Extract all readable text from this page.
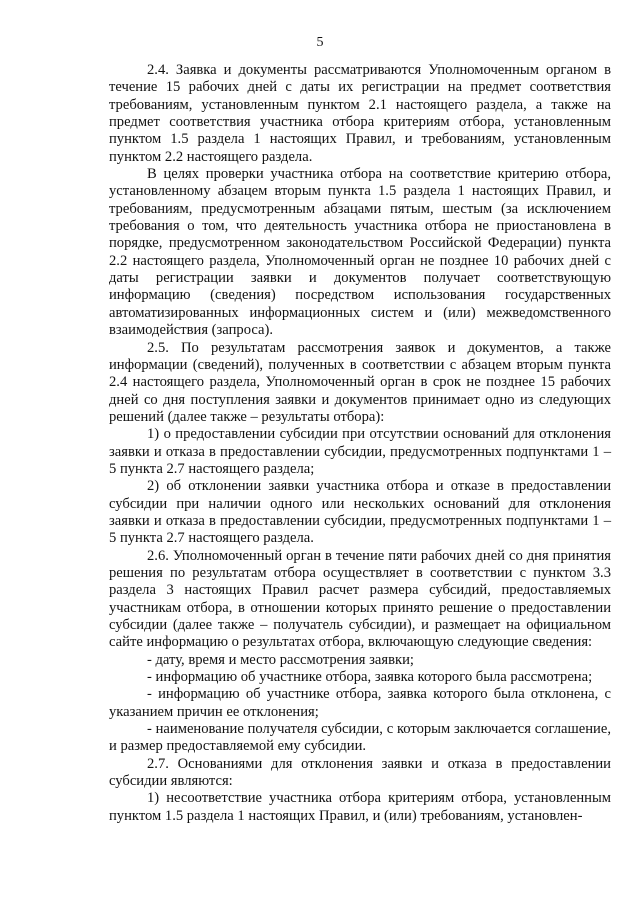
5

2.4. Заявка и документы рассматриваются Уполномоченным органом в течение 15 рабочих дней с даты их регистрации на предмет соответствия требованиям, установленным пунктом 2.1 настоящего раздела, а также на предмет соответствия участника отбора критериям отбора, установленным пунктом 1.5 раздела 1 настоящих Правил, и требованиям, установленным пунктом 2.2 настоящего раздела.

В целях проверки участника отбора на соответствие критерию отбора, установленному абзацем вторым пункта 1.5 раздела 1 настоящих Правил, и требованиям, предусмотренным абзацами пятым, шестым (за исключением требования о том, что деятельность участника отбора не приостановлена в порядке, предусмотренном законодательством Российской Федерации) пункта 2.2 настоящего раздела, Уполномоченный орган не позднее 10 рабочих дней с даты регистрации заявки и документов получает соответствующую информацию (сведения) посредством использования государственных автоматизированных информационных систем и (или) межведомственного взаимодействия (запроса).

2.5. По результатам рассмотрения заявок и документов, а также информации (сведений), полученных в соответствии с абзацем вторым пункта 2.4 настоящего раздела, Уполномоченный орган в срок не позднее 15 рабочих дней со дня поступления заявки и документов принимает одно из следующих решений (далее также – результаты отбора):

1) о предоставлении субсидии при отсутствии оснований для отклонения заявки и отказа в предоставлении субсидии, предусмотренных подпунктами 1 – 5 пункта 2.7 настоящего раздела;

2) об отклонении заявки участника отбора и отказе в предоставлении субсидии при наличии одного или нескольких оснований для отклонения заявки и отказа в предоставлении субсидии, предусмотренных подпунктами 1 – 5 пункта 2.7 настоящего раздела.

2.6. Уполномоченный орган в течение пяти рабочих дней со дня принятия решения по результатам отбора осуществляет в соответствии с пунктом 3.3 раздела 3 настоящих Правил расчет размера субсидий, предоставляемых участникам отбора, в отношении которых принято решение о предоставлении субсидии (далее также – получатель субсидии), и размещает на официальном сайте информацию о результатах отбора, включающую следующие сведения:

- дату, время и место рассмотрения заявки;

- информацию об участнике отбора, заявка которого была рассмотрена;

- информацию об участнике отбора, заявка которого была отклонена, с указанием причин ее отклонения;

- наименование получателя субсидии, с которым заключается соглашение, и размер предоставляемой ему субсидии.

2.7. Основаниями для отклонения заявки и отказа в предоставлении субсидии являются:

1) несоответствие участника отбора критериям отбора, установленным пунктом 1.5 раздела 1 настоящих Правил, и (или) требованиям, установлен-
